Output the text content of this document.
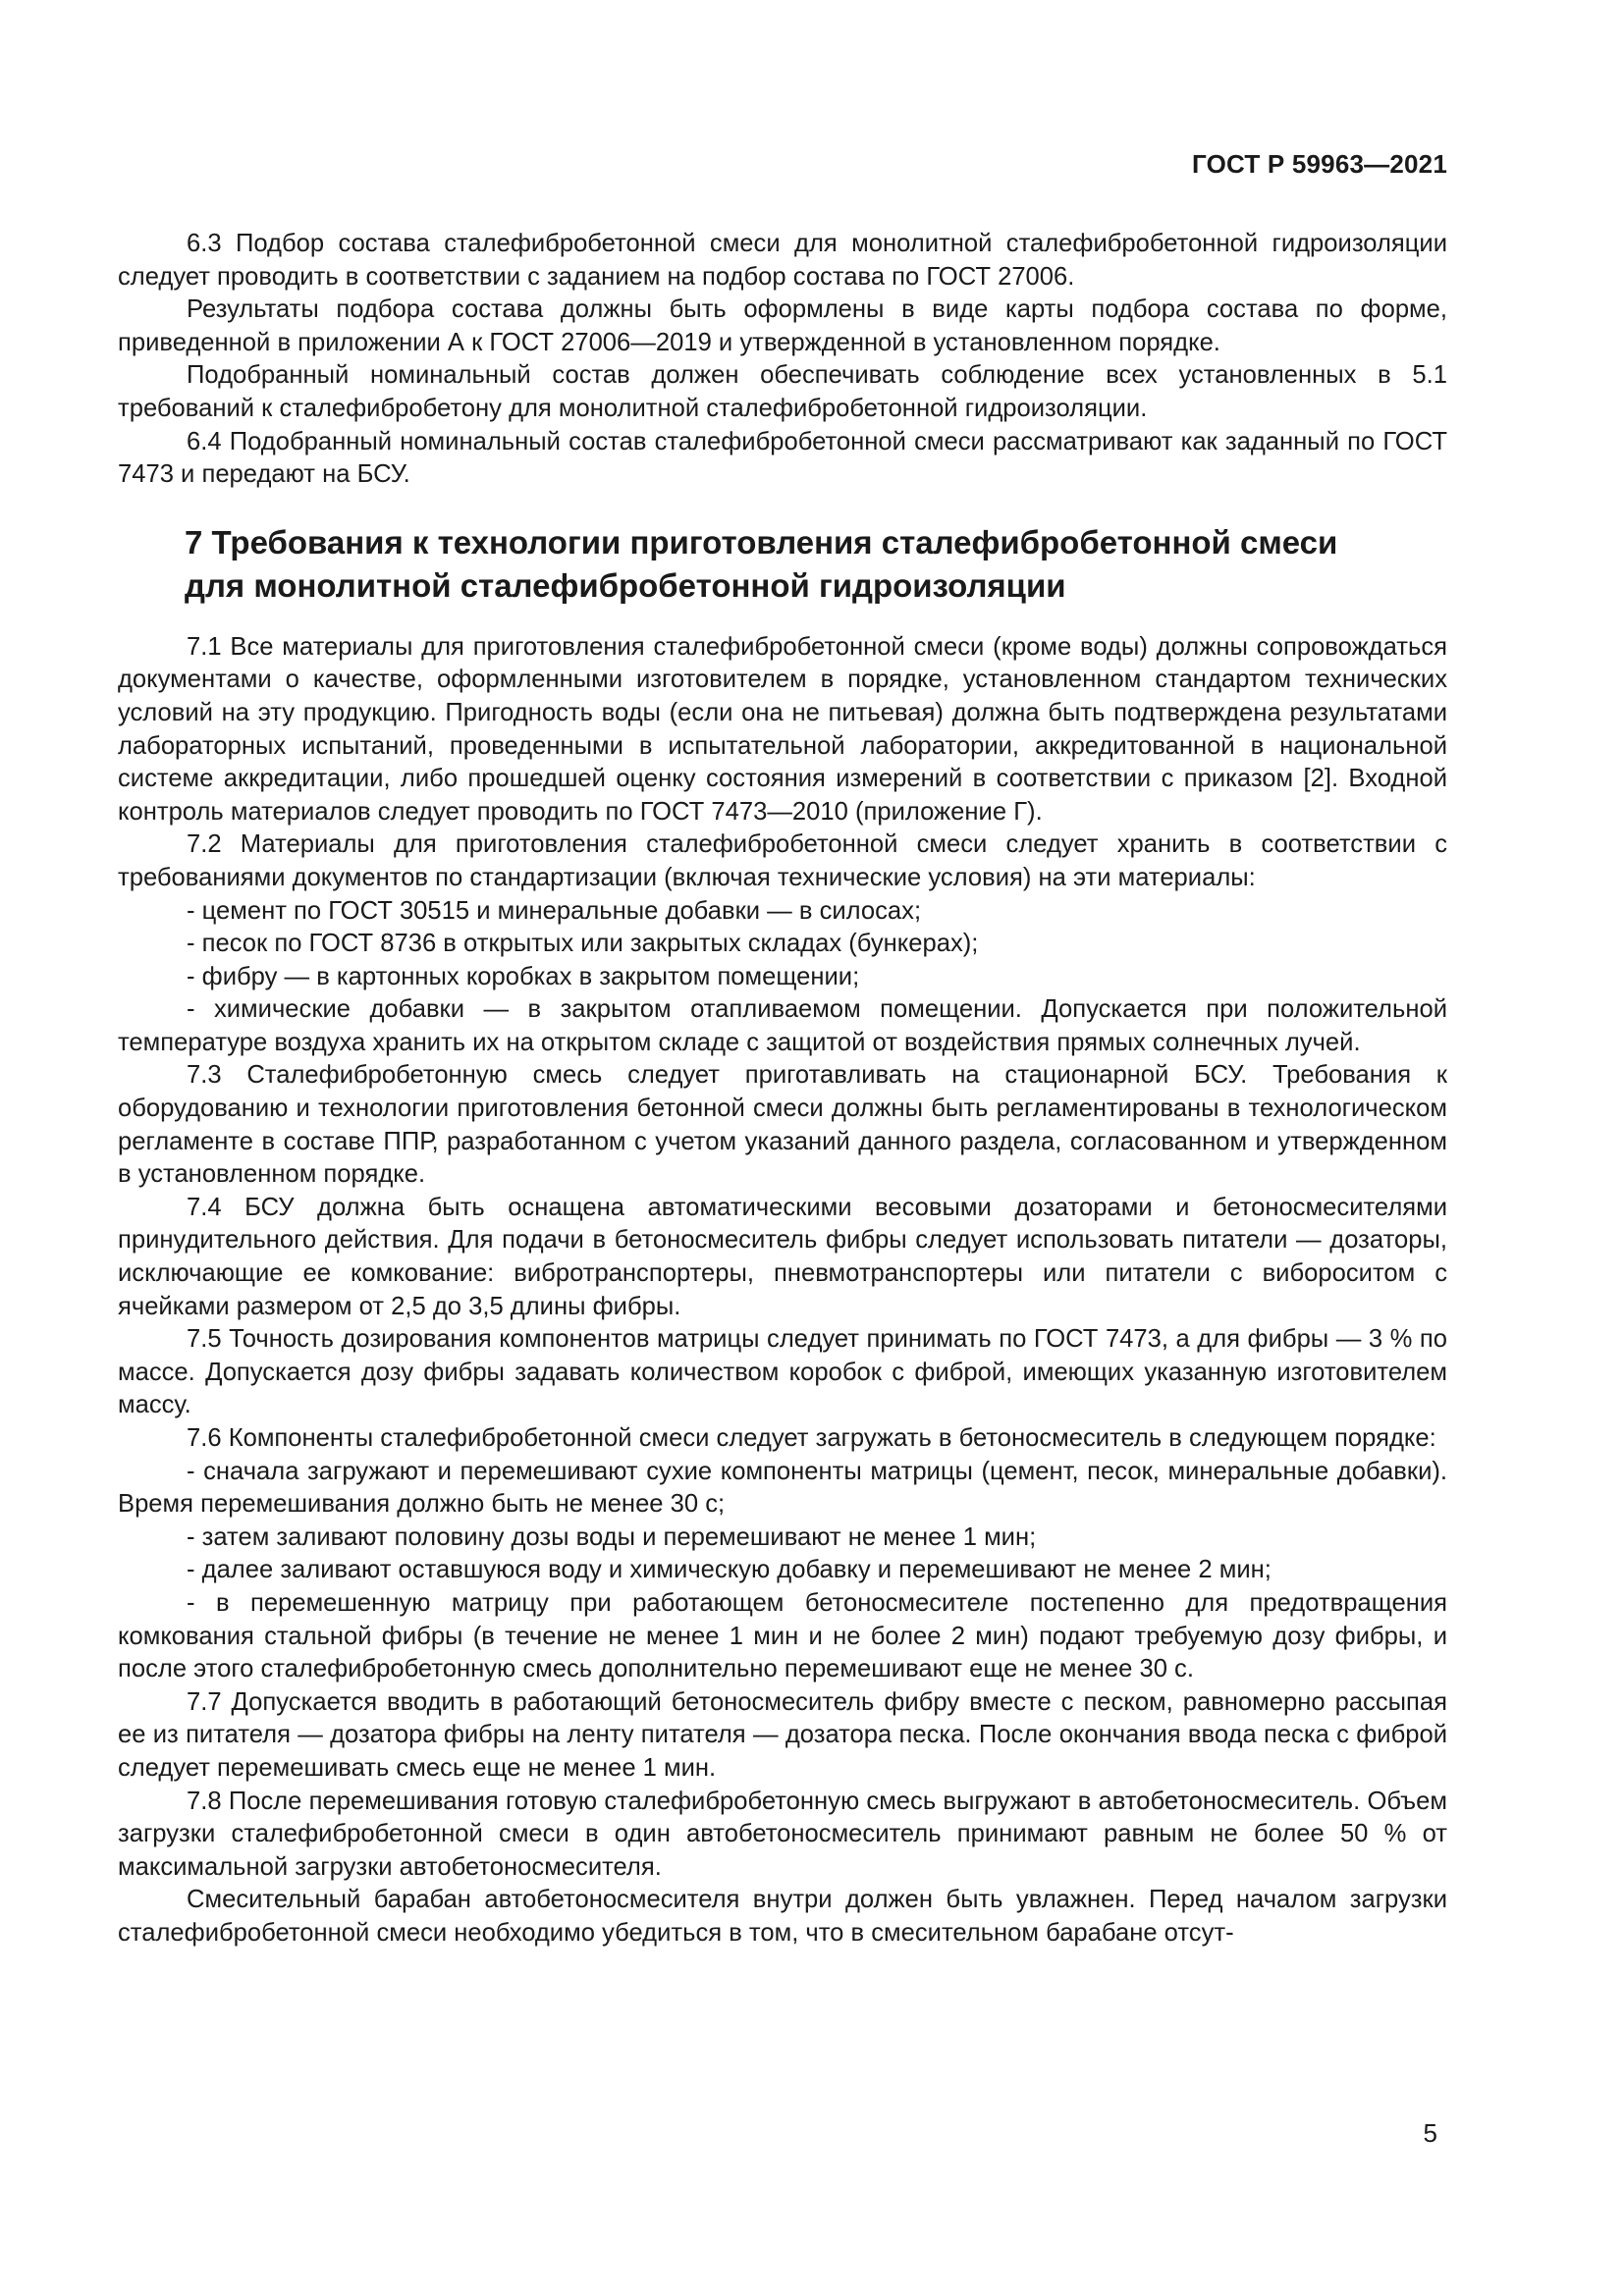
ГОСТ Р 59963—2021

6.3 Подбор состава сталефибробетонной смеси для монолитной сталефибробетонной гидроизоляции следует проводить в соответствии с заданием на подбор состава по ГОСТ 27006.

Результаты подбора состава должны быть оформлены в виде карты подбора состава по форме, приведенной в приложении А к ГОСТ 27006—2019 и утвержденной в установленном порядке.

Подобранный номинальный состав должен обеспечивать соблюдение всех установленных в 5.1 требований к сталефибробетону для монолитной сталефибробетонной гидроизоляции.

6.4 Подобранный номинальный состав сталефибробетонной смеси рассматривают как заданный по ГОСТ 7473 и передают на БСУ.

7 Требования к технологии приготовления сталефибробетонной смеси
для монолитной сталефибробетонной гидроизоляции

7.1 Все материалы для приготовления сталефибробетонной смеси (кроме воды) должны сопровождаться документами о качестве, оформленными изготовителем в порядке, установленном стандартом технических условий на эту продукцию. Пригодность воды (если она не питьевая) должна быть подтверждена результатами лабораторных испытаний, проведенными в испытательной лаборатории, аккредитованной в национальной системе аккредитации, либо прошедшей оценку состояния измерений в соответствии с приказом [2]. Входной контроль материалов следует проводить по ГОСТ 7473—2010 (приложение Г).

7.2 Материалы для приготовления сталефибробетонной смеси следует хранить в соответствии с требованиями документов по стандартизации (включая технические условия) на эти материалы:

- цемент по ГОСТ 30515 и минеральные добавки — в силосах;

- песок по ГОСТ 8736 в открытых или закрытых складах (бункерах);

- фибру — в картонных коробках в закрытом помещении;

- химические добавки — в закрытом отапливаемом помещении. Допускается при положительной температуре воздуха хранить их на открытом складе с защитой от воздействия прямых солнечных лучей.

7.3 Сталефибробетонную смесь следует приготавливать на стационарной БСУ. Требования к оборудованию и технологии приготовления бетонной смеси должны быть регламентированы в технологическом регламенте в составе ППР, разработанном с учетом указаний данного раздела, согласованном и утвержденном в установленном порядке.

7.4 БСУ должна быть оснащена автоматическими весовыми дозаторами и бетоносмесителями принудительного действия. Для подачи в бетоносмеситель фибры следует использовать питатели — дозаторы, исключающие ее комкование: вибротранспортеры, пневмотранспортеры или питатели с вибороситом с ячейками размером от 2,5 до 3,5 длины фибры.

7.5 Точность дозирования компонентов матрицы следует принимать по ГОСТ 7473, а для фибры — 3 % по массе. Допускается дозу фибры задавать количеством коробок с фиброй, имеющих указанную изготовителем массу.

7.6 Компоненты сталефибробетонной смеси следует загружать в бетоносмеситель в следующем порядке:

- сначала загружают и перемешивают сухие компоненты матрицы (цемент, песок, минеральные добавки). Время перемешивания должно быть не менее 30 с;

- затем заливают половину дозы воды и перемешивают не менее 1 мин;

- далее заливают оставшуюся воду и химическую добавку и перемешивают не менее 2 мин;

- в перемешенную матрицу при работающем бетоносмесителе постепенно для предотвращения комкования стальной фибры (в течение не менее 1 мин и не более 2 мин) подают требуемую дозу фибры, и после этого сталефибробетонную смесь дополнительно перемешивают еще не менее 30 с.

7.7 Допускается вводить в работающий бетоносмеситель фибру вместе с песком, равномерно рассыпая ее из питателя — дозатора фибры на ленту питателя — дозатора песка. После окончания ввода песка с фиброй следует перемешивать смесь еще не менее 1 мин.

7.8 После перемешивания готовую сталефибробетонную смесь выгружают в автобетоносмеситель. Объем загрузки сталефибробетонной смеси в один автобетоносмеситель принимают равным не более 50 % от максимальной загрузки автобетоносмесителя.

Смесительный барабан автобетоносмесителя внутри должен быть увлажнен. Перед началом загрузки сталефибробетонной смеси необходимо убедиться в том, что в смесительном барабане отсут-

5
